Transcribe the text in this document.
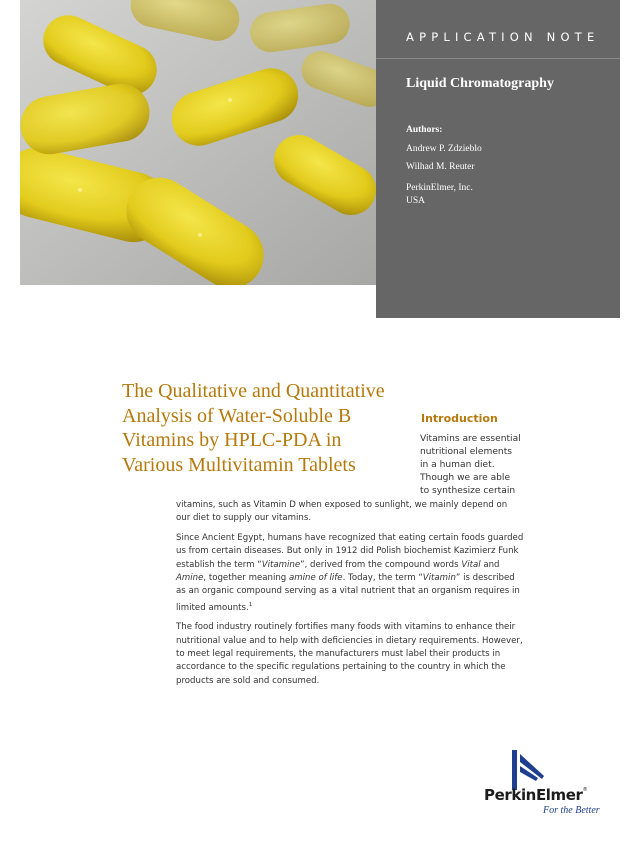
APPLICATION NOTE
Liquid Chromatography
Authors:
Andrew P. Zdzieblo
Wilhad M. Reuter
PerkinElmer, Inc.
USA
The Qualitative and Quantitative
Analysis of Water-Soluble B
Vitamins by HPLC-PDA in
Various Multivitamin Tablets
Introduction
Vitamins are essential
nutritional elements
in a human diet.
Though we are able
to synthesize certain

vitamins, such as Vitamin D when exposed to sunlight, we mainly depend on
our diet to supply our vitamins.

Since Ancient Egypt, humans have recognized that eating certain foods guarded
us from certain diseases. But only in 1912 did Polish biochemist Kazimierz Funk
establish the term “Vitamine”, derived from the compound words Vital and
Amine, together meaning amine of life. Today, the term “Vitamin” is described
as an organic compound serving as a vital nutrient that an organism requires in
limited amounts.$^1$

The food industry routinely fortifies many foods with vitamins to enhance their
nutritional value and to help with deficiencies in dietary requirements. However,
to meet legal requirements, the manufacturers must label their products in
accordance to the specific regulations pertaining to the country in which the
products are sold and consumed.

PerkinElmer®
For the Better
